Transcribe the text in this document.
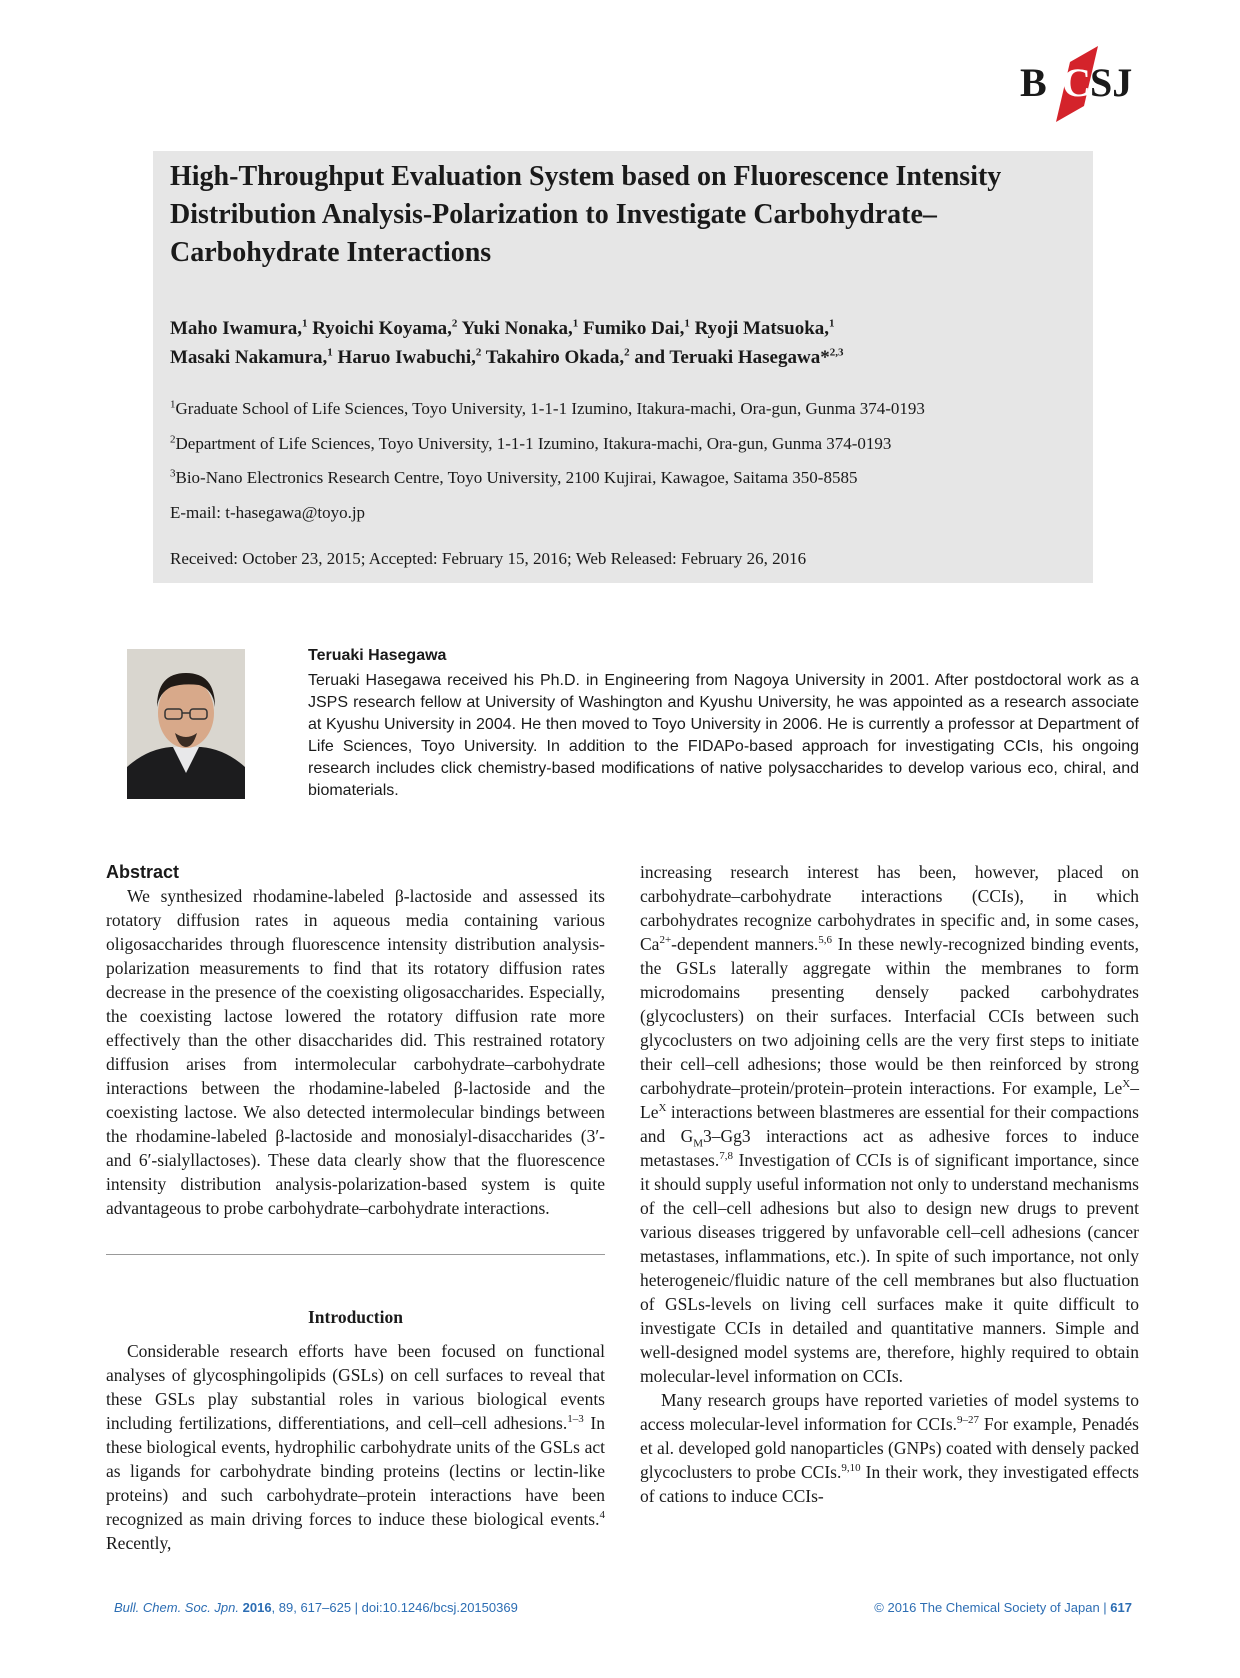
B C SJ
High-Throughput Evaluation System based on Fluorescence Intensity Distribution Analysis-Polarization to Investigate Carbohydrate–Carbohydrate Interactions

Maho Iwamura,$^1$ Ryoichi Koyama,$^2$ Yuki Nonaka,$^1$ Fumiko Dai,$^1$ Ryoji Matsuoka,$^1$
Masaki Nakamura,$^1$ Haruo Iwabuchi,$^2$ Takahiro Okada,$^2$ and Teruaki Hasegawa*$^{2,3}$

$^1$Graduate School of Life Sciences, Toyo University, 1-1-1 Izumino, Itakura-machi, Ora-gun, Gunma 374-0193

$^2$Department of Life Sciences, Toyo University, 1-1-1 Izumino, Itakura-machi, Ora-gun, Gunma 374-0193

$^3$Bio-Nano Electronics Research Centre, Toyo University, 2100 Kujirai, Kawagoe, Saitama 350-8585

E-mail: t-hasegawa@toyo.jp

Received: October 23, 2015; Accepted: February 15, 2016; Web Released: February 26, 2016

Teruaki Hasegawa

Teruaki Hasegawa received his Ph.D. in Engineering from Nagoya University in 2001. After postdoctoral work as a JSPS research fellow at University of Washington and Kyushu University, he was appointed as a research associate at Kyushu University in 2004. He then moved to Toyo University in 2006. He is currently a professor at Department of Life Sciences, Toyo University. In addition to the FIDAPo-based approach for investigating CCIs, his ongoing research includes click chemistry-based modifications of native polysaccharides to develop various eco, chiral, and biomaterials.

Abstract

We synthesized rhodamine-labeled β-lactoside and assessed its rotatory diffusion rates in aqueous media containing various oligosaccharides through fluorescence intensity distribution analysis-polarization measurements to find that its rotatory diffusion rates decrease in the presence of the coexisting oligosaccharides. Especially, the coexisting lactose lowered the rotatory diffusion rate more effectively than the other disaccharides did. This restrained rotatory diffusion arises from intermolecular carbohydrate–carbohydrate interactions between the rhodamine-labeled β-lactoside and the coexisting lactose. We also detected intermolecular bindings between the rhodamine-labeled β-lactoside and monosialyl-disaccharides (3′- and 6′-sialyllactoses). These data clearly show that the fluorescence intensity distribution analysis-polarization-based system is quite advantageous to probe carbohydrate–carbohydrate interactions.

Introduction

Considerable research efforts have been focused on functional analyses of glycosphingolipids (GSLs) on cell surfaces to reveal that these GSLs play substantial roles in various biological events including fertilizations, differentiations, and cell–cell adhesions.$^{1-3}$ In these biological events, hydrophilic carbohydrate units of the GSLs act as ligands for carbohydrate binding proteins (lectins or lectin-like proteins) and such carbohydrate–protein interactions have been recognized as main driving forces to induce these biological events.$^4$ Recently,

increasing research interest has been, however, placed on carbohydrate–carbohydrate interactions (CCIs), in which carbohydrates recognize carbohydrates in specific and, in some cases, $Ca^{2+}$-dependent manners.$^{5,6}$ In these newly-recognized binding events, the GSLs laterally aggregate within the membranes to form microdomains presenting densely packed carbohydrates (glycoclusters) on their surfaces. Interfacial CCIs between such glycoclusters on two adjoining cells are the very first steps to initiate their cell–cell adhesions; those would be then reinforced by strong carbohydrate–protein/protein–protein interactions. For example, $Le^X-Le^X$ interactions between blastmeres are essential for their compactions and $G_M3-Gg3$ interactions act as adhesive forces to induce metastases.$^{7,8}$ Investigation of CCIs is of significant importance, since it should supply useful information not only to understand mechanisms of the cell–cell adhesions but also to design new drugs to prevent various diseases triggered by unfavorable cell–cell adhesions (cancer metastases, inflammations, etc.). In spite of such importance, not only heterogeneic/fluidic nature of the cell membranes but also fluctuation of GSLs-levels on living cell surfaces make it quite difficult to investigate CCIs in detailed and quantitative manners. Simple and well-designed model systems are, therefore, highly required to obtain molecular-level information on CCIs.

Many research groups have reported varieties of model systems to access molecular-level information for CCIs.$^{9-27}$ For example, Penadés et al. developed gold nanoparticles (GNPs) coated with densely packed glycoclusters to probe CCIs.$^{9,10}$ In their work, they investigated effects of cations to induce CCIs-

Bull. Chem. Soc. Jpn. 2016, 89, 617–625 | doi:10.1246/bcsj.20150369	© 2016 The Chemical Society of Japan | 617
